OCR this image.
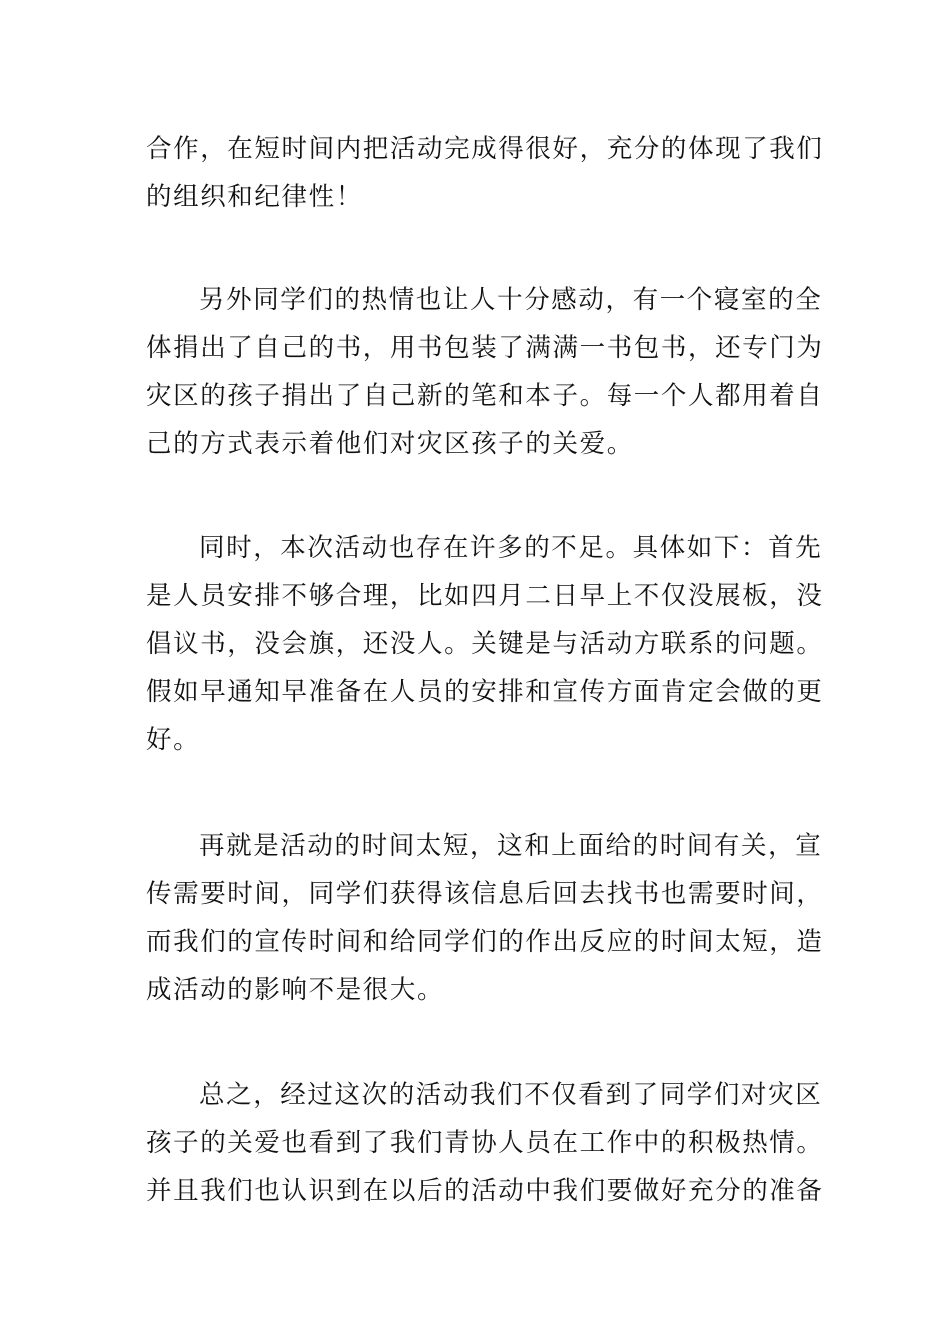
合作，在短时间内把活动完成得很好，充分的体现了我们
的组织和纪律性！
另外同学们的热情也让人十分感动，有一个寝室的全
体捐出了自己的书，用书包装了满满一书包书，还专门为
灾区的孩子捐出了自己新的笔和本子。每一个人都用着自
己的方式表示着他们对灾区孩子的关爱。
同时，本次活动也存在许多的不足。具体如下：首先
是人员安排不够合理，比如四月二日早上不仅没展板，没
倡议书，没会旗，还没人。关键是与活动方联系的问题。
假如早通知早准备在人员的安排和宣传方面肯定会做的更
好。
再就是活动的时间太短，这和上面给的时间有关，宣
传需要时间，同学们获得该信息后回去找书也需要时间，
而我们的宣传时间和给同学们的作出反应的时间太短，造
成活动的影响不是很大。
总之，经过这次的活动我们不仅看到了同学们对灾区
孩子的关爱也看到了我们青协人员在工作中的积极热情。
并且我们也认识到在以后的活动中我们要做好充分的准备
